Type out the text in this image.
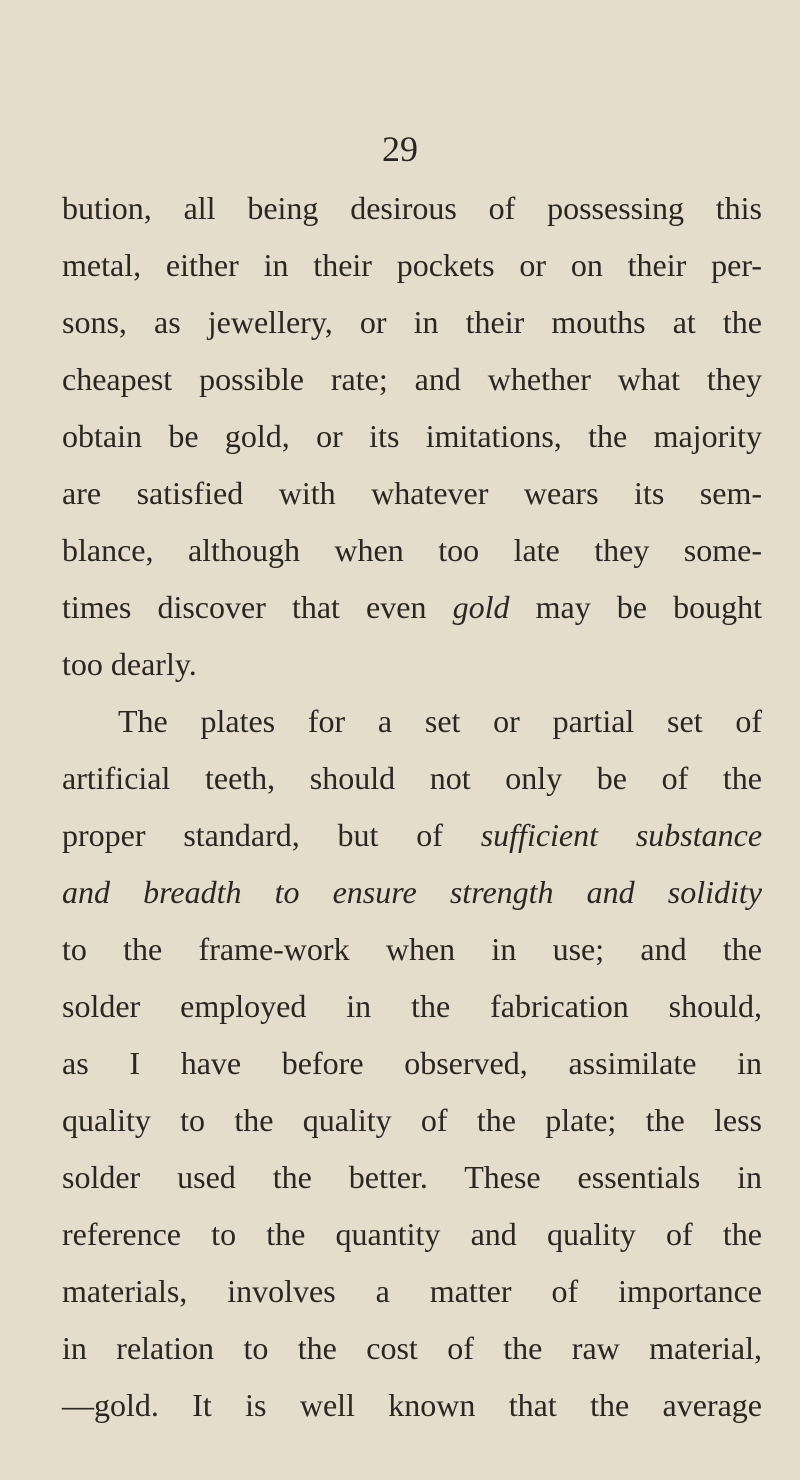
29
bution, all being desirous of possessing this
metal, either in their pockets or on their per-
sons, as jewellery, or in their mouths at the
cheapest possible rate; and whether what they
obtain be gold, or its imitations, the majority
are satisfied with whatever wears its sem-
blance, although when too late they some-
times discover that even gold may be bought
too dearly.
The plates for a set or partial set of
artificial teeth, should not only be of the
proper standard, but of sufficient substance
and breadth to ensure strength and solidity
to the frame-work when in use; and the
solder employed in the fabrication should,
as I have before observed, assimilate in
quality to the quality of the plate; the less
solder used the better. These essentials in
reference to the quantity and quality of the
materials, involves a matter of importance
in relation to the cost of the raw material,
—gold. It is well known that the average
